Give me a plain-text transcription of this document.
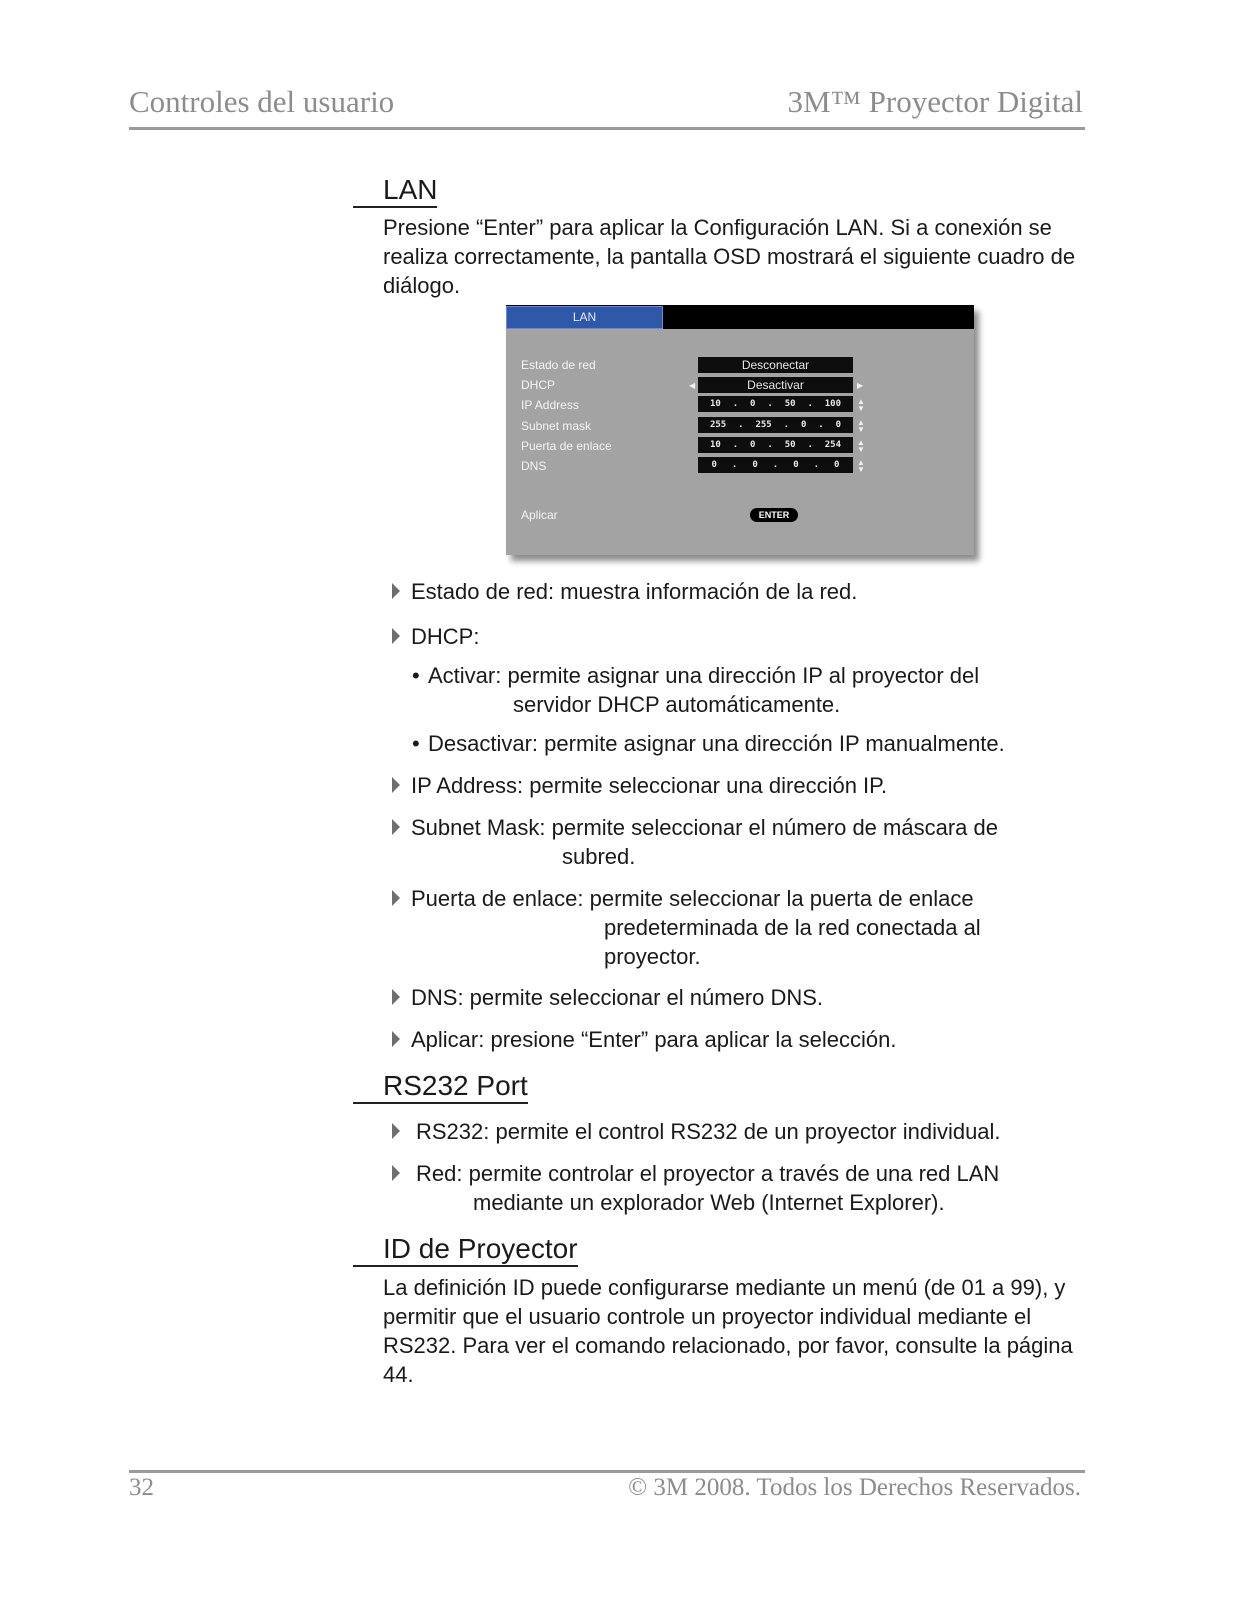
Controles del usuario	3M™ Proyector Digital
LAN
Presione “Enter” para aplicar la Configuración LAN. Si a conexión se realiza correctamente, la pantalla OSD mostrará el siguiente cuadro de diálogo.
LAN
Estado de red	Desconectar
DHCP	◀	Desactivar	▶
IP Address	10 . 0 . 50 . 100 ▲
▼
Subnet mask	255 . 255 . 0 . 0 ▲
▼
Puerta de enlace	10 . 0 . 50 . 254 ▲
▼
DNS	0 . 0 . 0 . 0 ▲
▼
Aplicar	ENTER
Estado de red: muestra información de la red.
DHCP:
• Activar: permite asignar una dirección IP al proyector del
servidor DHCP automáticamente.
• Desactivar: permite asignar una dirección IP manualmente.
IP Address: permite seleccionar una dirección IP.
Subnet Mask: permite seleccionar el número de máscara de
subred.
Puerta de enlace: permite seleccionar la puerta de enlace
predeterminada de la red conectada al
proyector.
DNS: permite seleccionar el número DNS.
Aplicar: presione “Enter” para aplicar la selección.
RS232 Port
RS232: permite el control RS232 de un proyector individual.
Red: permite controlar el proyector a través de una red LAN
mediante un explorador Web (Internet Explorer).
ID de Proyector
La definición ID puede configurarse mediante un menú (de 01 a 99), y permitir que el usuario controle un proyector individual mediante el RS232. Para ver el comando relacionado, por favor, consulte la página 44.
32	© 3M 2008. Todos los Derechos Reservados.
